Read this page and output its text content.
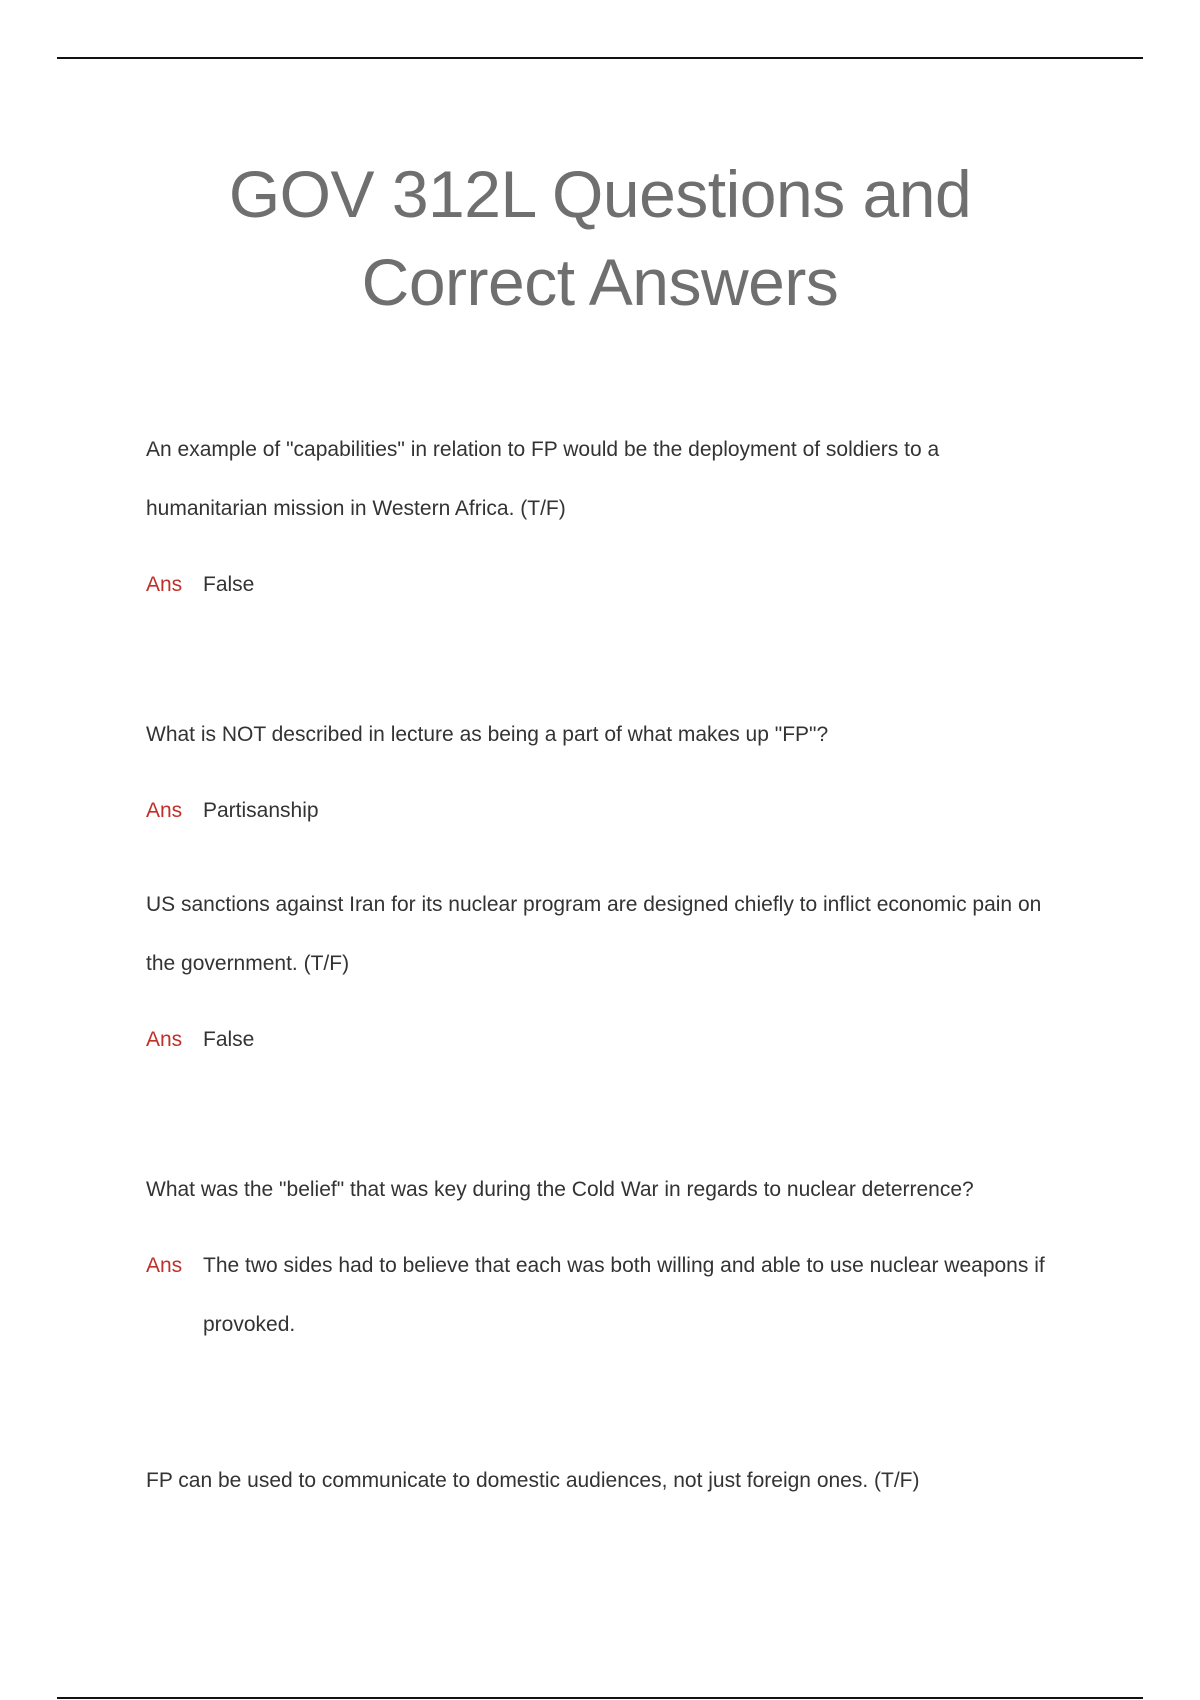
GOV 312L Questions and
Correct Answers

An example of "capabilities" in relation to FP would be the deployment of soldiers to a humanitarian mission in Western Africa. (T/F)

Ans False

What is NOT described in lecture as being a part of what makes up "FP"?

Ans Partisanship

US sanctions against Iran for its nuclear program are designed chiefly to inflict economic pain on the government. (T/F)

Ans False

What was the "belief" that was key during the Cold War in regards to nuclear deterrence?

Ans The two sides had to believe that each was both willing and able to use nuclear weapons if provoked.

FP can be used to communicate to domestic audiences, not just foreign ones. (T/F)
